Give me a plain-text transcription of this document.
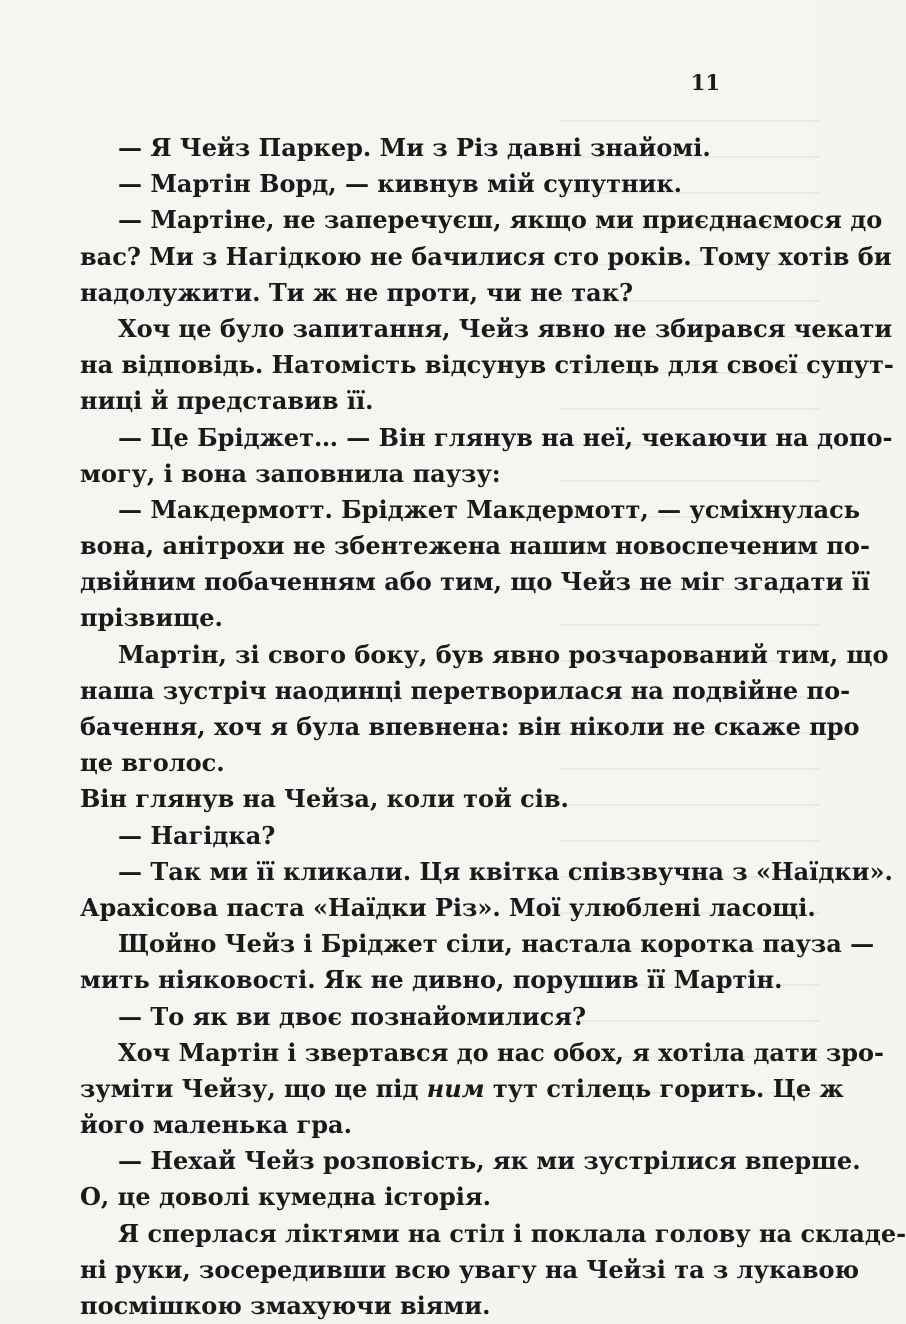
11
— Я Чейз Паркер. Ми з Різ давні знайомі.
— Мартін Ворд, — кивнув мій супутник.
— Мартіне, не заперечуєш, якщо ми приєднаємося до
вас? Ми з Нагідкою не бачилися сто років. Тому хотів би
надолужити. Ти ж не проти, чи не так?
Хоч це було запитання, Чейз явно не збирався чекати
на відповідь. Натомість відсунув стілець для своєї супут-
ниці й представив її.
— Це Бріджет… — Він глянув на неї, чекаючи на допо-
могу, і вона заповнила паузу:
— Макдермотт. Бріджет Макдермотт, — усміхнулась
вона, анітрохи не збентежена нашим новоспеченим по-
двійним побаченням або тим, що Чейз не міг згадати її
прізвище.
Мартін, зі свого боку, був явно розчарований тим, що
наша зустріч наодинці перетворилася на подвійне по-
бачення, хоч я була впевнена: він ніколи не скаже про
це вголос.
Він глянув на Чейза, коли той сів.
— Нагідка?
— Так ми її кликали. Ця квітка співзвучна з «Наїдки».
Арахісова паста «Наїдки Різ». Мої улюблені ласощі.
Щойно Чейз і Бріджет сіли, настала коротка пауза —
мить ніяковості. Як не дивно, порушив її Мартін.
— То як ви двоє познайомилися?
Хоч Мартін і звертався до нас обох, я хотіла дати зро-
зуміти Чейзу, що це під ним тут стілець горить. Це ж
його маленька гра.
— Нехай Чейз розповість, як ми зустрілися вперше.
О, це доволі кумедна історія.
Я сперлася ліктями на стіл і поклала голову на складе-
ні руки, зосередивши всю увагу на Чейзі та з лукавою
посмішкою змахуючи віями.
